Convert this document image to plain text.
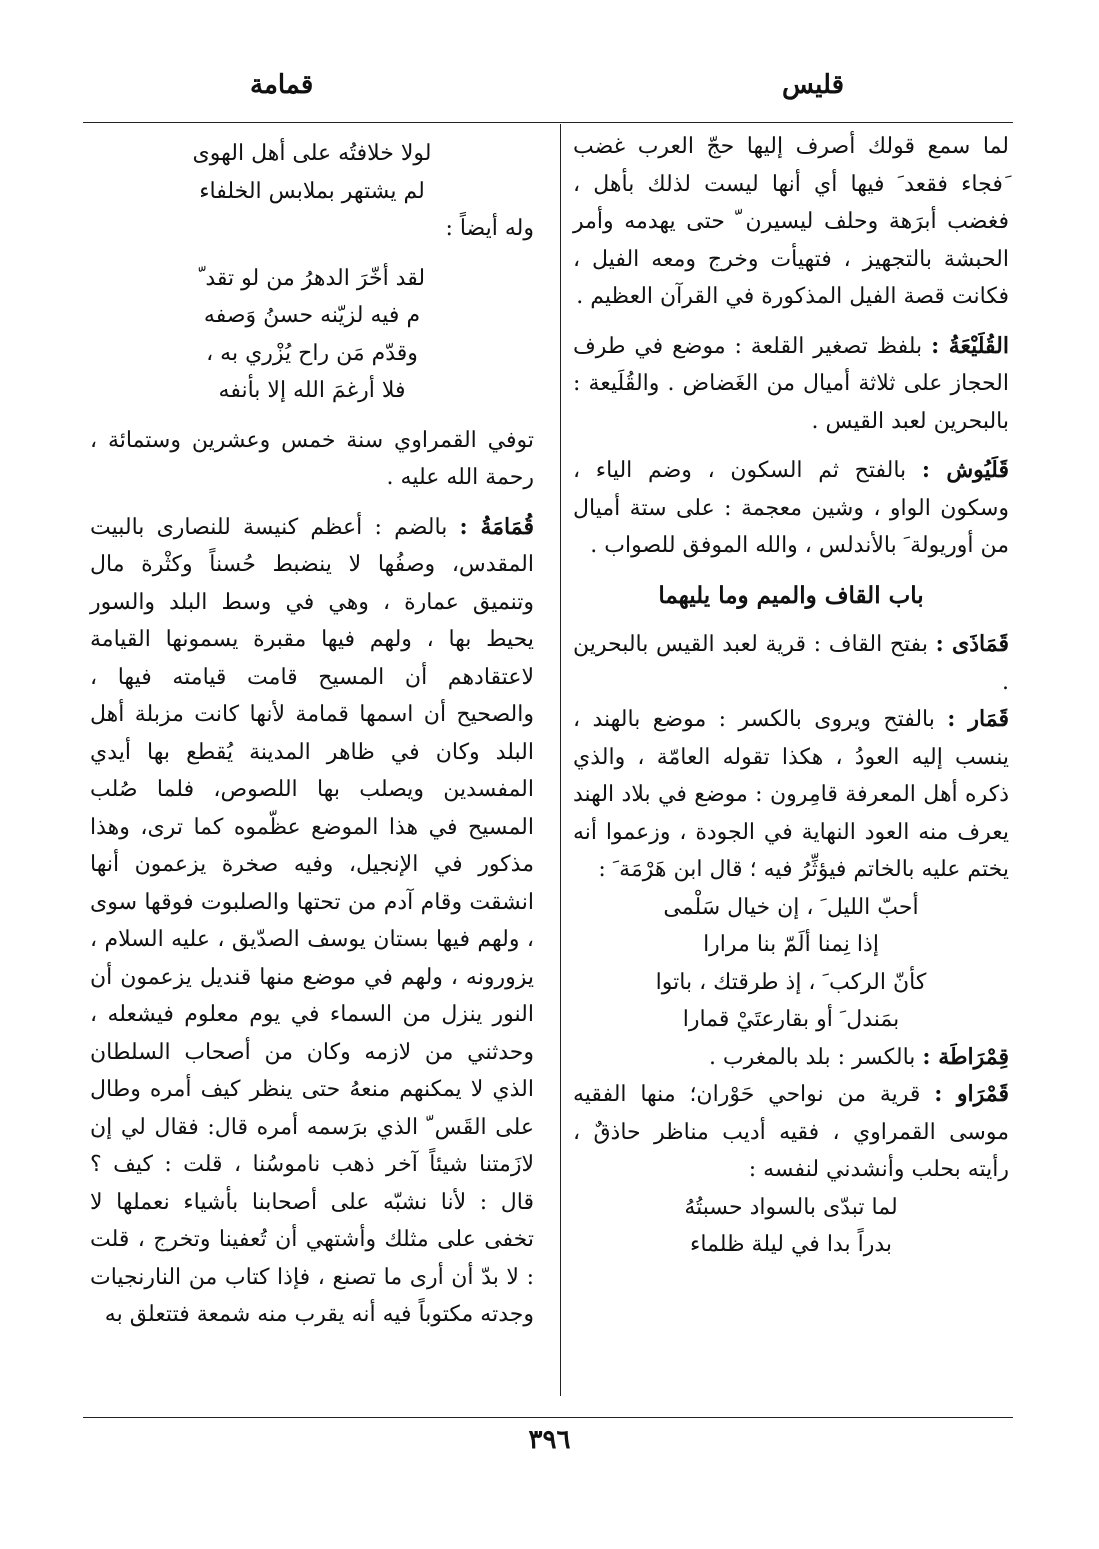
قليس
قمامة

لما سمع قولك أصرف إليها حجّ العرب غضب َفجاء فقعد َ فيها أي أنها ليست لذلك بأهل ، فغضب أبرَهة وحلف ليسيرن ّ حتى يهدمه وأمر الحبشة بالتجهيز ، فتهيأت وخرج ومعه الفيل ، فكانت قصة الفيل المذكورة في القرآن العظيم .

القُلَيْعَةُ : بلفظ تصغير القلعة : موضع في طرف الحجاز على ثلاثة أميال من الغَضاض . والقُلَيعة : بالبحرين لعبد القيس .

قَلَيُوش : بالفتح ثم السكون ، وضم الياء ، وسكون الواو ، وشين معجمة : على ستة أميال من أوريولة َ بالأندلس ، والله الموفق للصواب .

باب القاف والميم وما يليهما

قَمَاذَى : بفتح القاف : قرية لعبد القيس بالبحرين .

قَمَار : بالفتح ويروى بالكسر : موضع بالهند ، ينسب إليه العودُ ، هكذا تقوله العامّة ، والذي ذكره أهل المعرفة قامِرون : موضع في بلاد الهند يعرف منه العود النهاية في الجودة ، وزعموا أنه يختم عليه بالخاتم فيؤثِّرُ فيه ؛ قال ابن هَرْمَة َ :

أحبّ الليل َ ، إن خيال سَلْمى
إذا نِمنا ألَمّ بنا مرارا
كأنّ الركب َ ، إذ طرقتك ، باتوا
بمَندل َ أو بقارعتَيْ قمارا

قِمْرَاطَة : بالكسر : بلد بالمغرب .

قَمْرَاو : قرية من نواحي حَوْران؛ منها الفقيه موسى القمراوي ، فقيه أديب مناظر حاذقٌ ، رأيته بحلب وأنشدني لنفسه :

لما تبدّى بالسواد حسبتُهُ
بدراً بدا في ليلة ظلماء
لولا خلافتُه على أهل الهوى
لم يشتهر بملابس الخلفاء

وله أيضاً :

لقد أخّرَ الدهرُ من لو تقد ّ
م فيه لزيّنه حسنُ وَصفه
وقدّم مَن راح يُزْري به ،
فلا أرغمَ الله إلا بأنفه

توفي القمراوي سنة خمس وعشرين وستمائة ، رحمة الله عليه .

قُمَامَةُ : بالضم : أعظم كنيسة للنصارى بالبيت المقدس، وصفُها لا ينضبط حُسناً وكثْرة مال وتنميق عمارة ، وهي في وسط البلد والسور يحيط بها ، ولهم فيها مقبرة يسمونها القيامة لاعتقادهم أن المسيح قامت قيامته فيها ، والصحيح أن اسمها قمامة لأنها كانت مزبلة أهل البلد وكان في ظاهر المدينة يُقطع بها أيدي المفسدين ويصلب بها اللصوص، فلما صُلب المسيح في هذا الموضع عظّموه كما ترى، وهذا مذكور في الإنجيل، وفيه صخرة يزعمون أنها انشقت وقام آدم من تحتها والصلبوت فوقها سوى ، ولهم فيها بستان يوسف الصدّيق ، عليه السلام ، يزورونه ، ولهم في موضع منها قنديل يزعمون أن النور ينزل من السماء في يوم معلوم فيشعله ، وحدثني من لازمه وكان من أصحاب السلطان الذي لا يمكنهم منعهُ حتى ينظر كيف أمره وطال على القَس ّ الذي برَسمه أمره قال: فقال لي إن لازَمتنا شيئاً آخر ذهب ناموسُنا ، قلت : كيف ؟ قال : لأنا نشبّه على أصحابنا بأشياء نعملها لا تخفى على مثلك وأشتهي أن تُعفينا وتخرج ، قلت : لا بدّ أن أرى ما تصنع ، فإذا كتاب من النارنجيات وجدته مكتوباً فيه أنه يقرب منه شمعة فتتعلق به

٣٩٦
